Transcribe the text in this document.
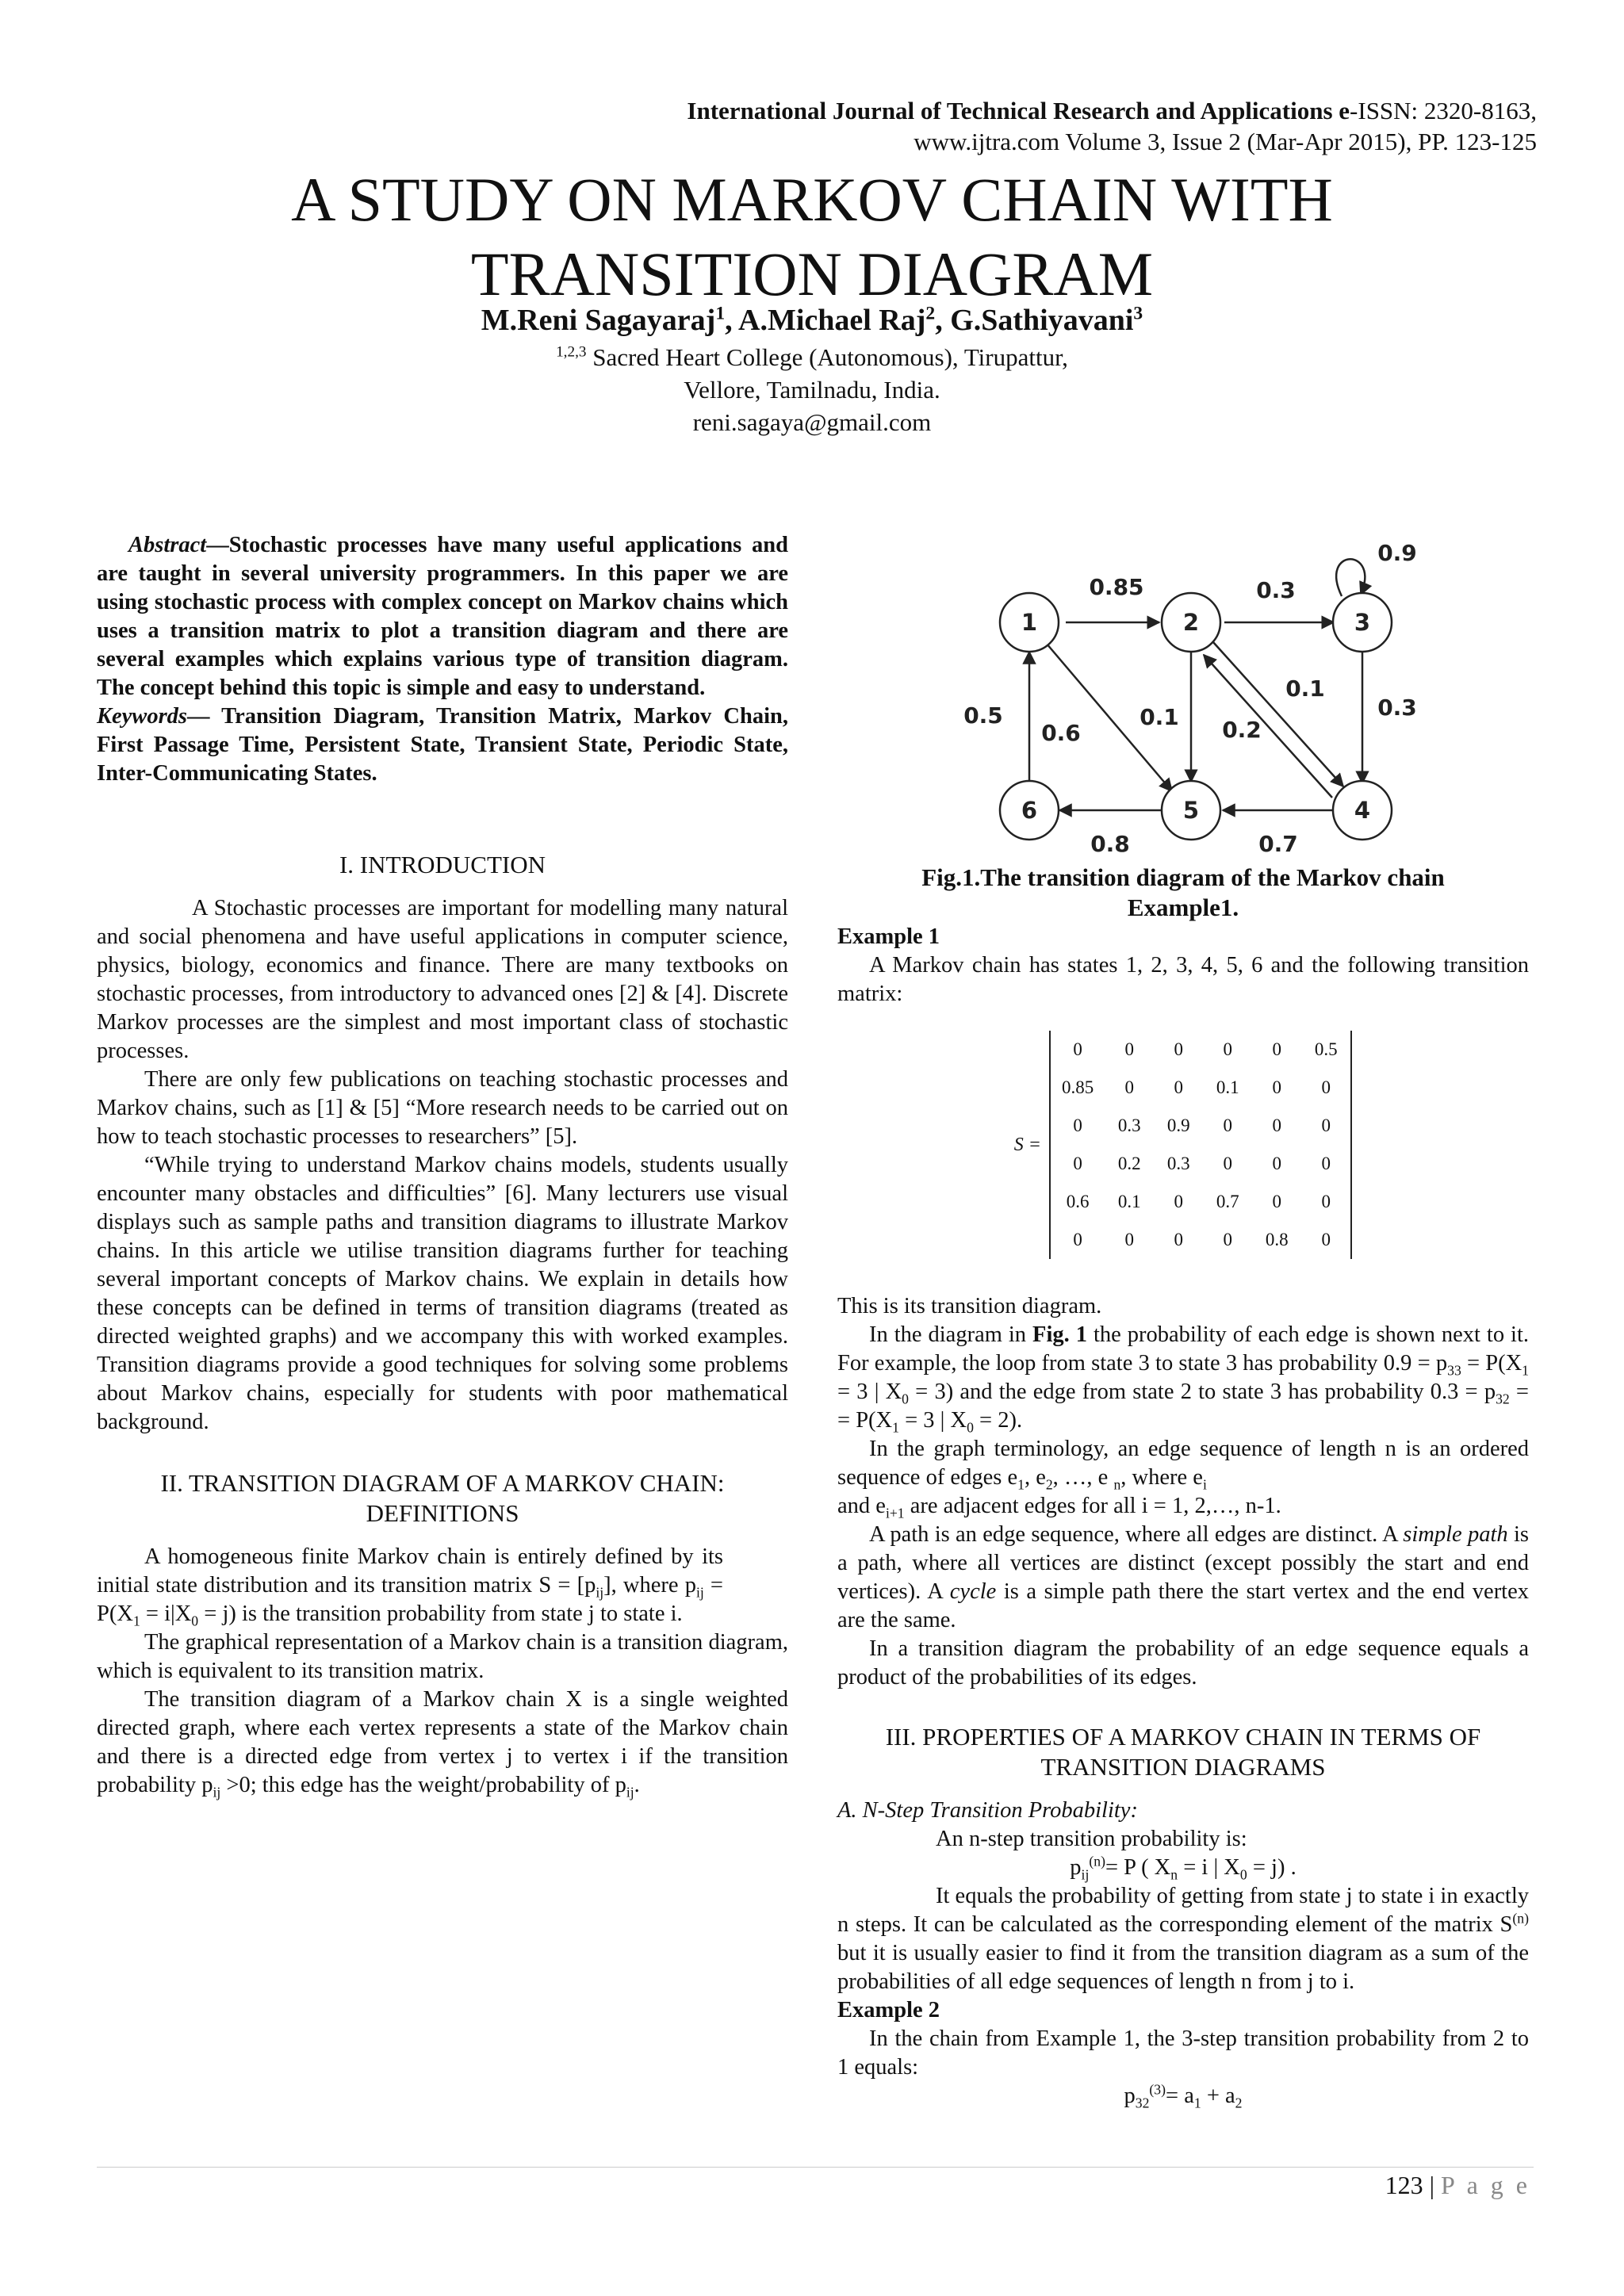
International Journal of Technical Research and Applications e-ISSN: 2320-8163,
www.ijtra.com Volume 3, Issue 2 (Mar-Apr 2015), PP. 123-125
A STUDY ON MARKOV CHAIN WITH
TRANSITION DIAGRAM
M.Reni Sagayaraj$^1$, A.Michael Raj$^2$, G.Sathiyavani$^3$
$^{1,2,3}$ Sacred Heart College (Autonomous), Tirupattur,
Vellore, Tamilnadu, India.
reni.sagaya@gmail.com

Abstract—Stochastic processes have many useful applications and are taught in several university programmers. In this paper we are using stochastic process with complex concept on Markov chains which uses a transition matrix to plot a transition diagram and there are several examples which explains various type of transition diagram. The concept behind this topic is simple and easy to understand.

Keywords— Transition Diagram, Transition Matrix, Markov Chain, First Passage Time, Persistent State, Transient State, Periodic State, Inter-Communicating States.

I. INTRODUCTION

A Stochastic processes are important for modelling many natural and social phenomena and have useful applications in computer science, physics, biology, economics and finance. There are many textbooks on stochastic processes, from introductory to advanced ones [2] & [4]. Discrete Markov processes are the simplest and most important class of stochastic processes.

There are only few publications on teaching stochastic processes and Markov chains, such as [1] & [5] “More research needs to be carried out on how to teach stochastic processes to researchers” [5].

“While trying to understand Markov chains models, students usually encounter many obstacles and difficulties” [6]. Many lecturers use visual displays such as sample paths and transition diagrams to illustrate Markov chains. In this article we utilise transition diagrams further for teaching several important concepts of Markov chains. We explain in details how these concepts can be defined in terms of transition diagrams (treated as directed weighted graphs) and we accompany this with worked examples. Transition diagrams provide a good techniques for solving some problems about Markov chains, especially for students with poor mathematical background.

II. TRANSITION DIAGRAM OF A MARKOV CHAIN:
DEFINITIONS

A homogeneous finite Markov chain is entirely defined by its initial state distribution and its transition matrix $S = [p_{ij}]$, where $p_{ij} = P(X_1 = i|X_0 = j)$ is the transition probability from state j to state i.

The graphical representation of a Markov chain is a transition diagram, which is equivalent to its transition matrix.

The transition diagram of a Markov chain X is a single weighted directed graph, where each vertex represents a state of the Markov chain and there is a directed edge from vertex j to vertex i if the transition probability $p_{ij} >0$; this edge has the weight/probability of $p_{ij}$.

1	2	3
4
5
6
0.85	0.3
0.9
0.3
0.1
0.2
0.1
0.6
0.5
0.8	0.7
Fig.1.The transition diagram of the Markov chain
Example1.

Example 1

A Markov chain has states 1, 2, 3, 4, 5, 6 and the following transition matrix:

S =
0	0	0	0	0	0.5
0.85	0	0	0.1	0	0
0	0.3	0.9	0	0	0
0	0.2	0.3	0	0	0
0.6	0.1	0	0.7	0	0
0	0	0	0	0.8	0

This is its transition diagram.

In the diagram in Fig. 1 the probability of each edge is shown next to it. For example, the loop from state 3 to state 3 has probability $0.9 = p_{33} = P(X_1 = 3$ | $X_0 = 3$) and the edge from state 2 to state 3 has probability $0.3 = p_{32}$ = = $P(X_1 = 3$ | $X_0 = 2$).

In the graph terminology, an edge sequence of length n is an ordered sequence of edges $e_1$, $e_2$, …, e $_n$, where $e_i$
and $e_{i+1}$ are adjacent edges for all i = 1, 2,…, n-1.

A path is an edge sequence, where all edges are distinct. A simple path is a path, where all vertices are distinct (except possibly the start and end vertices). A cycle is a simple path there the start vertex and the end vertex are the same.

In a transition diagram the probability of an edge sequence equals a product of the probabilities of its edges.

III. PROPERTIES OF A MARKOV CHAIN IN TERMS OF
TRANSITION DIAGRAMS

A. N-Step Transition Probability:

An n-step transition probability is:

$p_{ij}^{(n)}= P$ ( $X_n = i$ | $X_0 = j$) .

It equals the probability of getting from state j to state i in exactly n steps. It can be calculated as the corresponding element of the matrix $S^{(n)}$ but it is usually easier to find it from the transition diagram as a sum of the probabilities of all edge sequences of length n from j to i.

Example 2

In the chain from Example 1, the 3-step transition probability from 2 to 1 equals:

$p_{32}^{(3)}= a_1 + a_2$

123 | P a g e
